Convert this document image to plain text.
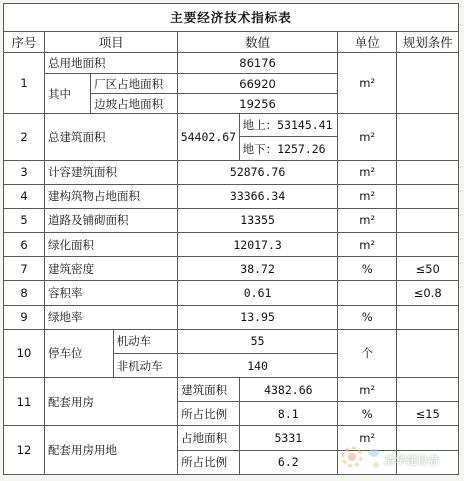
主要经济技术指标表							
序号	项目			数值		单位	规划条件
1	总用地面积			86176		m²	
	其中	厂区占地面积		66920			
		边坡占地面积		19256			
2	总建筑面积			54402.67	地上：53145.41	m²	
					地下：1257.26		
3	计容建筑面积			52876.76		m²	
4	建构筑物占地面积			33366.34		m²	
5	道路及铺砌面积			13355		m²	
6	绿化面积			12017.3		m²	
7	建筑密度			38.72		%	≤50
8	容积率			0.61			≤0.8
9	绿地率			13.95		%	
10	停车位		机动车	55		个	
			非机动车	140			
11	配套用房			建筑面积	4382.66	m²	
				所占比例	8.1	%	≤15
12	配套用房用地			占地面积	5331	m²	
				所占比例	6.2			清华建设者
